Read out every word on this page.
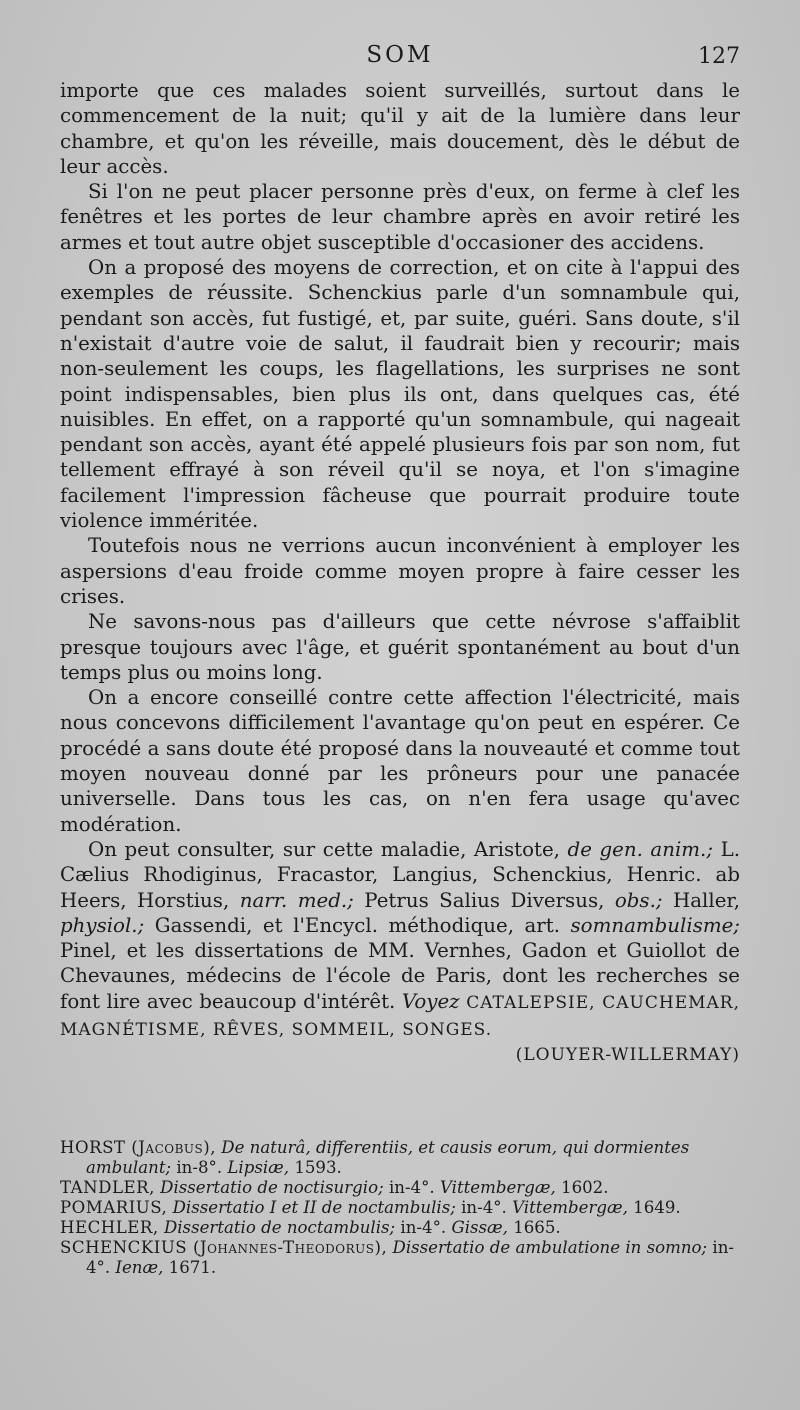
SOM	127

importe que ces malades soient surveillés, surtout dans le commencement de la nuit; qu'il y ait de la lumière dans leur chambre, et qu'on les réveille, mais doucement, dès le début de leur accès.

Si l'on ne peut placer personne près d'eux, on ferme à clef les fenêtres et les portes de leur chambre après en avoir retiré les armes et tout autre objet susceptible d'occasioner des accidens.

On a proposé des moyens de correction, et on cite à l'appui des exemples de réussite. Schenckius parle d'un somnambule qui, pendant son accès, fut fustigé, et, par suite, guéri. Sans doute, s'il n'existait d'autre voie de salut, il faudrait bien y recourir; mais non-seulement les coups, les flagellations, les surprises ne sont point indispensables, bien plus ils ont, dans quelques cas, été nuisibles. En effet, on a rapporté qu'un somnambule, qui nageait pendant son accès, ayant été appelé plusieurs fois par son nom, fut tellement effrayé à son réveil qu'il se noya, et l'on s'imagine facilement l'impression fâcheuse que pourrait produire toute violence imméritée.

Toutefois nous ne verrions aucun inconvénient à employer les aspersions d'eau froide comme moyen propre à faire cesser les crises.

Ne savons-nous pas d'ailleurs que cette névrose s'affaiblit presque toujours avec l'âge, et guérit spontanément au bout d'un temps plus ou moins long.

On a encore conseillé contre cette affection l'électricité, mais nous concevons difficilement l'avantage qu'on peut en espérer. Ce procédé a sans doute été proposé dans la nouveauté et comme tout moyen nouveau donné par les prôneurs pour une panacée universelle. Dans tous les cas, on n'en fera usage qu'avec modération.

On peut consulter, sur cette maladie, Aristote, de gen. anim.; L. Cælius Rhodiginus, Fracastor, Langius, Schenckius, Henric. ab Heers, Horstius, narr. med.; Petrus Salius Diversus, obs.; Haller, physiol.; Gassendi, et l'Encycl. méthodique, art. somnambulisme; Pinel, et les dissertations de MM. Vernhes, Gadon et Guiollot de Chevaunes, médecins de l'école de Paris, dont les recherches se font lire avec beaucoup d'intérêt. Voyez CATALEPSIE, CAUCHEMAR, MAGNÉTISME, RÊVES, SOMMEIL, SONGES.
(LOUYER-WILLERMAY)

HORST (Jacobus), De naturâ, differentiis, et causis eorum, qui dormientes ambulant; in-8°. Lipsiæ, 1593.

TANDLER, Dissertatio de noctisurgio; in-4°. Vittembergæ, 1602.

POMARIUS, Dissertatio I et II de noctambulis; in-4°. Vittembergæ, 1649.

HECHLER, Dissertatio de noctambulis; in-4°. Gissæ, 1665.

SCHENCKIUS (Johannes-Theodorus), Dissertatio de ambulatione in somno; in-4°. Ienæ, 1671.
